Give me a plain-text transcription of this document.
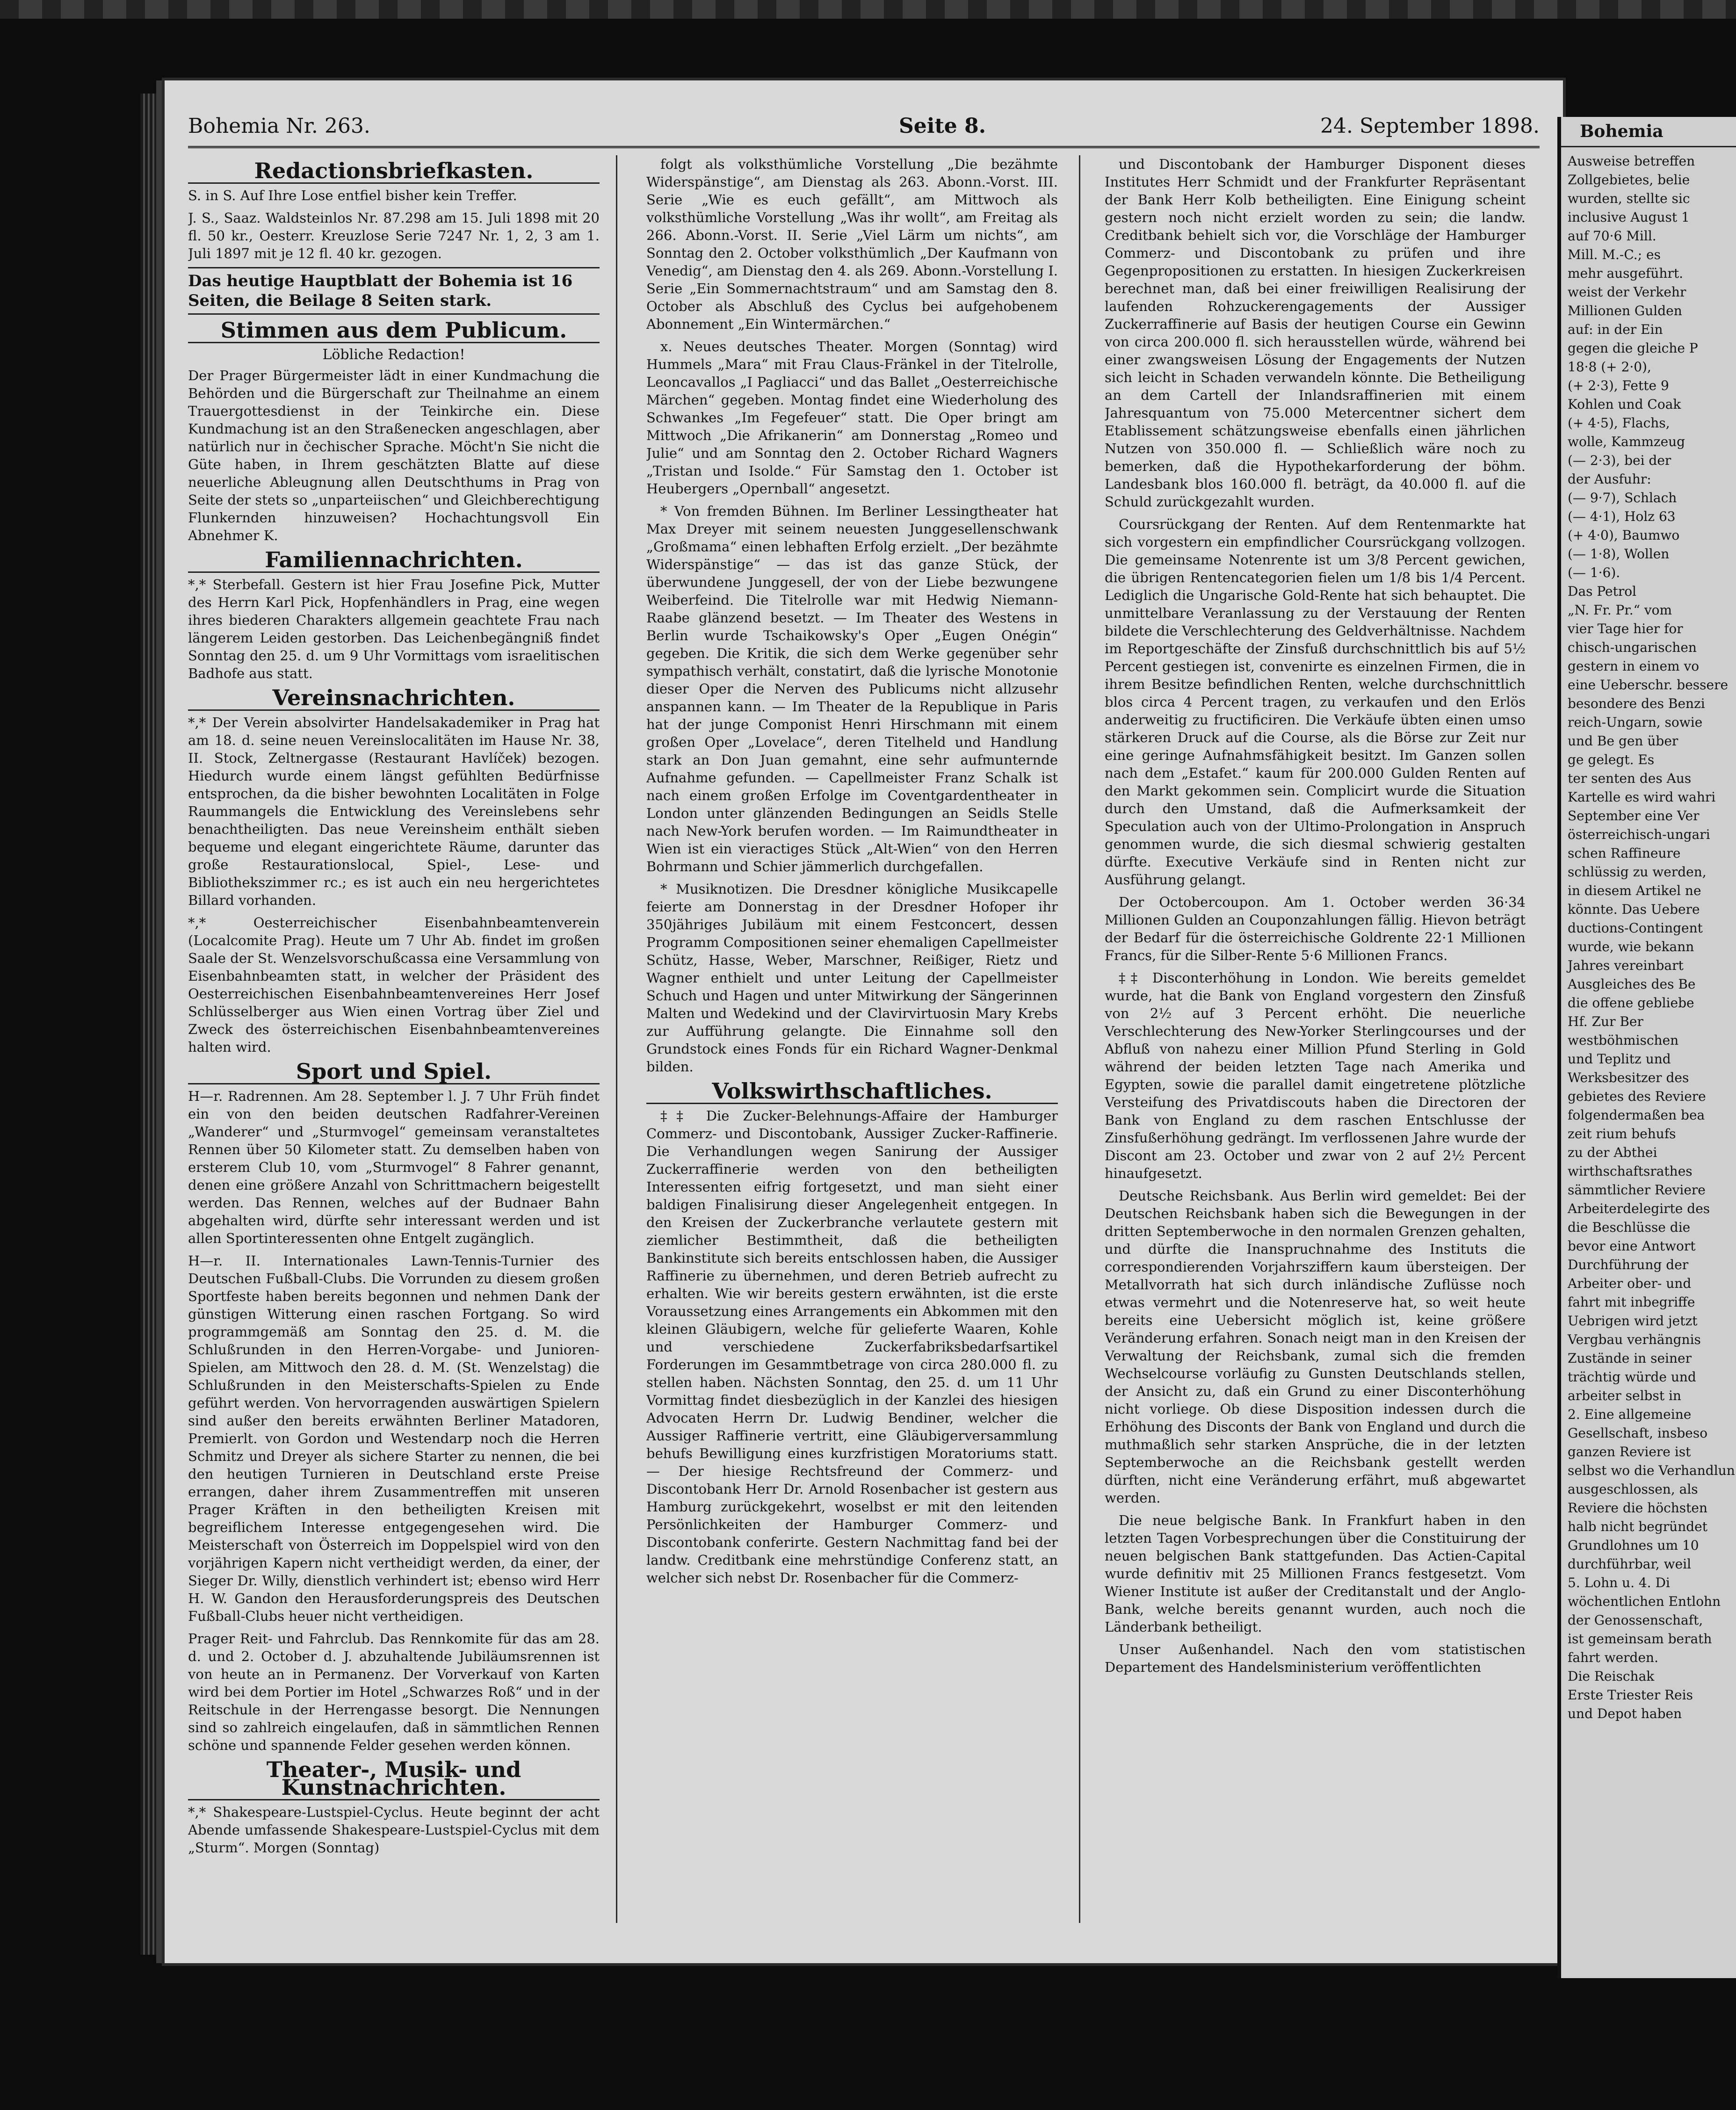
Bohemia Nr. 263.	Seite 8.	24. September 1898.
Redactionsbriefkasten.

S. in S. Auf Ihre Lose entfiel bisher kein Treffer.

J. S., Saaz. Waldsteinlos Nr. 87.298 am 15. Juli 1898 mit 20 fl. 50 kr., Oesterr. Kreuzlose Serie 7247 Nr. 1, 2, 3 am 1. Juli 1897 mit je 12 fl. 40 kr. gezogen.

Das heutige Hauptblatt der Bohemia ist 16 Seiten, die Beilage 8 Seiten stark.
Stimmen aus dem Publicum.
Löbliche Redaction!

Der Prager Bürgermeister lädt in einer Kundmachung die Behörden und die Bürgerschaft zur Theilnahme an einem Trauergottesdienst in der Teinkirche ein. Diese Kundmachung ist an den Straßenecken angeschlagen, aber natürlich nur in čechischer Sprache. Möcht'n Sie nicht die Güte haben, in Ihrem geschätzten Blatte auf diese neuerliche Ableugnung allen Deutschthums in Prag von Seite der stets so „unparteiischen“ und Gleichberechtigung Flunkernden hinzuweisen? Hochachtungsvoll Ein Abnehmer K.

Familiennachrichten.

*,* Sterbefall. Gestern ist hier Frau Josefine Pick, Mutter des Herrn Karl Pick, Hopfenhändlers in Prag, eine wegen ihres biederen Charakters allgemein geachtete Frau nach längerem Leiden gestorben. Das Leichenbegängniß findet Sonntag den 25. d. um 9 Uhr Vormittags vom israelitischen Badhofe aus statt.

Vereinsnachrichten.

*,* Der Verein absolvirter Handelsakademiker in Prag hat am 18. d. seine neuen Vereinslocalitäten im Hause Nr. 38, II. Stock, Zeltnergasse (Restaurant Havlíček) bezogen. Hiedurch wurde einem längst gefühlten Bedürfnisse entsprochen, da die bisher bewohnten Localitäten in Folge Raummangels die Entwicklung des Vereinslebens sehr benachtheiligten. Das neue Vereinsheim enthält sieben bequeme und elegant eingerichtete Räume, darunter das große Restaurationslocal, Spiel-, Lese- und Bibliothekszimmer rc.; es ist auch ein neu hergerichtetes Billard vorhanden.

*,* Oesterreichischer Eisenbahnbeamtenverein (Localcomite Prag). Heute um 7 Uhr Ab. findet im großen Saale der St. Wenzelsvorschußcassa eine Versammlung von Eisenbahnbeamten statt, in welcher der Präsident des Oesterreichischen Eisenbahnbeamtenvereines Herr Josef Schlüsselberger aus Wien einen Vortrag über Ziel und Zweck des österreichischen Eisenbahnbeamtenvereines halten wird.

Sport und Spiel.

H—r. Radrennen. Am 28. September l. J. 7 Uhr Früh findet ein von den beiden deutschen Radfahrer-Vereinen „Wanderer“ und „Sturmvogel“ gemeinsam veranstaltetes Rennen über 50 Kilometer statt. Zu demselben haben von ersterem Club 10, vom „Sturmvogel“ 8 Fahrer genannt, denen eine größere Anzahl von Schrittmachern beigestellt werden. Das Rennen, welches auf der Budnaer Bahn abgehalten wird, dürfte sehr interessant werden und ist allen Sportinteressenten ohne Entgelt zugänglich.

H—r. II. Internationales Lawn-Tennis-Turnier des Deutschen Fußball-Clubs. Die Vorrunden zu diesem großen Sportfeste haben bereits begonnen und nehmen Dank der günstigen Witterung einen raschen Fortgang. So wird programmgemäß am Sonntag den 25. d. M. die Schlußrunden in den Herren-Vorgabe- und Junioren-Spielen, am Mittwoch den 28. d. M. (St. Wenzelstag) die Schlußrunden in den Meisterschafts-Spielen zu Ende geführt werden. Von hervorragenden auswärtigen Spielern sind außer den bereits erwähnten Berliner Matadoren, Premierlt. von Gordon und Westendarp noch die Herren Schmitz und Dreyer als sichere Starter zu nennen, die bei den heutigen Turnieren in Deutschland erste Preise errangen, daher ihrem Zusammentreffen mit unseren Prager Kräften in den betheiligten Kreisen mit begreiflichem Interesse entgegengesehen wird. Die Meisterschaft von Österreich im Doppelspiel wird von den vorjährigen Kapern nicht vertheidigt werden, da einer, der Sieger Dr. Willy, dienstlich verhindert ist; ebenso wird Herr H. W. Gandon den Herausforderungspreis des Deutschen Fußball-Clubs heuer nicht vertheidigen.

Prager Reit- und Fahrclub. Das Rennkomite für das am 28. d. und 2. October d. J. abzuhaltende Jubiläumsrennen ist von heute an in Permanenz. Der Vorverkauf von Karten wird bei dem Portier im Hotel „Schwarzes Roß“ und in der Reitschule in der Herrengasse besorgt. Die Nennungen sind so zahlreich eingelaufen, daß in sämmtlichen Rennen schöne und spannende Felder gesehen werden können.

Theater-, Musik- und Kunstnachrichten.

*,* Shakespeare-Lustspiel-Cyclus. Heute beginnt der acht Abende umfassende Shakespeare-Lustspiel-Cyclus mit dem „Sturm“. Morgen (Sonntag)

folgt als volksthümliche Vorstellung „Die bezähmte Widerspänstige“, am Dienstag als 263. Abonn.-Vorst. III. Serie „Wie es euch gefällt“, am Mittwoch als volksthümliche Vorstellung „Was ihr wollt“, am Freitag als 266. Abonn.-Vorst. II. Serie „Viel Lärm um nichts“, am Sonntag den 2. October volksthümlich „Der Kaufmann von Venedig“, am Dienstag den 4. als 269. Abonn.-Vorstellung I. Serie „Ein Sommernachtstraum“ und am Samstag den 8. October als Abschluß des Cyclus bei aufgehobenem Abonnement „Ein Wintermärchen.“

x. Neues deutsches Theater. Morgen (Sonntag) wird Hummels „Mara“ mit Frau Claus-Fränkel in der Titelrolle, Leoncavallos „I Pagliacci“ und das Ballet „Oesterreichische Märchen“ gegeben. Montag findet eine Wiederholung des Schwankes „Im Fegefeuer“ statt. Die Oper bringt am Mittwoch „Die Afrikanerin“ am Donnerstag „Romeo und Julie“ und am Sonntag den 2. October Richard Wagners „Tristan und Isolde.“ Für Samstag den 1. October ist Heubergers „Opernball“ angesetzt.

* Von fremden Bühnen. Im Berliner Lessingtheater hat Max Dreyer mit seinem neuesten Junggesellenschwank „Großmama“ einen lebhaften Erfolg erzielt. „Der bezähmte Widerspänstige“ — das ist das ganze Stück, der überwundene Junggesell, der von der Liebe bezwungene Weiberfeind. Die Titelrolle war mit Hedwig Niemann-Raabe glänzend besetzt. — Im Theater des Westens in Berlin wurde Tschaikowsky's Oper „Eugen Onégin“ gegeben. Die Kritik, die sich dem Werke gegenüber sehr sympathisch verhält, constatirt, daß die lyrische Monotonie dieser Oper die Nerven des Publicums nicht allzusehr anspannen kann. — Im Theater de la Republique in Paris hat der junge Componist Henri Hirschmann mit einem großen Oper „Lovelace“, deren Titelheld und Handlung stark an Don Juan gemahnt, eine sehr aufmunternde Aufnahme gefunden. — Capellmeister Franz Schalk ist nach einem großen Erfolge im Coventgardentheater in London unter glänzenden Bedingungen an Seidls Stelle nach New-York berufen worden. — Im Raimundtheater in Wien ist ein vieractiges Stück „Alt-Wien“ von den Herren Bohrmann und Schier jämmerlich durchgefallen.

* Musiknotizen. Die Dresdner königliche Musikcapelle feierte am Donnerstag in der Dresdner Hofoper ihr 350jähriges Jubiläum mit einem Festconcert, dessen Programm Compositionen seiner ehemaligen Capellmeister Schütz, Hasse, Weber, Marschner, Reißiger, Rietz und Wagner enthielt und unter Leitung der Capellmeister Schuch und Hagen und unter Mitwirkung der Sängerinnen Malten und Wedekind und der Clavirvirtuosin Mary Krebs zur Aufführung gelangte. Die Einnahme soll den Grundstock eines Fonds für ein Richard Wagner-Denkmal bilden.

Volkswirthschaftliches.

‡‡ Die Zucker-Belehnungs-Affaire der Hamburger Commerz- und Discontobank, Aussiger Zucker-Raffinerie. Die Verhandlungen wegen Sanirung der Aussiger Zuckerraffinerie werden von den betheiligten Interessenten eifrig fortgesetzt, und man sieht einer baldigen Finalisirung dieser Angelegenheit entgegen. In den Kreisen der Zuckerbranche verlautete gestern mit ziemlicher Bestimmtheit, daß die betheiligten Bankinstitute sich bereits entschlossen haben, die Aussiger Raffinerie zu übernehmen, und deren Betrieb aufrecht zu erhalten. Wie wir bereits gestern erwähnten, ist die erste Voraussetzung eines Arrangements ein Abkommen mit den kleinen Gläubigern, welche für gelieferte Waaren, Kohle und verschiedene Zuckerfabriksbedarfsartikel Forderungen im Gesammtbetrage von circa 280.000 fl. zu stellen haben. Nächsten Sonntag, den 25. d. um 11 Uhr Vormittag findet diesbezüglich in der Kanzlei des hiesigen Advocaten Herrn Dr. Ludwig Bendiner, welcher die Aussiger Raffinerie vertritt, eine Gläubigerversammlung behufs Bewilligung eines kurzfristigen Moratoriums statt. — Der hiesige Rechtsfreund der Commerz- und Discontobank Herr Dr. Arnold Rosenbacher ist gestern aus Hamburg zurückgekehrt, woselbst er mit den leitenden Persönlichkeiten der Hamburger Commerz- und Discontobank conferirte. Gestern Nachmittag fand bei der landw. Creditbank eine mehrstündige Conferenz statt, an welcher sich nebst Dr. Rosenbacher für die Commerz-

und Discontobank der Hamburger Disponent dieses Institutes Herr Schmidt und der Frankfurter Repräsentant der Bank Herr Kolb betheiligten. Eine Einigung scheint gestern noch nicht erzielt worden zu sein; die landw. Creditbank behielt sich vor, die Vorschläge der Hamburger Commerz- und Discontobank zu prüfen und ihre Gegenpropositionen zu erstatten. In hiesigen Zuckerkreisen berechnet man, daß bei einer freiwilligen Realisirung der laufenden Rohzuckerengagements der Aussiger Zuckerraffinerie auf Basis der heutigen Course ein Gewinn von circa 200.000 fl. sich herausstellen würde, während bei einer zwangsweisen Lösung der Engagements der Nutzen sich leicht in Schaden verwandeln könnte. Die Betheiligung an dem Cartell der Inlandsraffinerien mit einem Jahresquantum von 75.000 Metercentner sichert dem Etablissement schätzungsweise ebenfalls einen jährlichen Nutzen von 350.000 fl. — Schließlich wäre noch zu bemerken, daß die Hypothekarforderung der böhm. Landesbank blos 160.000 fl. beträgt, da 40.000 fl. auf die Schuld zurückgezahlt wurden.

Coursrückgang der Renten. Auf dem Rentenmarkte hat sich vorgestern ein empfindlicher Coursrückgang vollzogen. Die gemeinsame Notenrente ist um 3/8 Percent gewichen, die übrigen Rentencategorien fielen um 1/8 bis 1/4 Percent. Lediglich die Ungarische Gold-Rente hat sich behauptet. Die unmittelbare Veranlassung zu der Verstauung der Renten bildete die Verschlechterung des Geldverhältnisse. Nachdem im Reportgeschäfte der Zinsfuß durchschnittlich bis auf 5½ Percent gestiegen ist, convenirte es einzelnen Firmen, die in ihrem Besitze befindlichen Renten, welche durchschnittlich blos circa 4 Percent tragen, zu verkaufen und den Erlös anderweitig zu fructificiren. Die Verkäufe übten einen umso stärkeren Druck auf die Course, als die Börse zur Zeit nur eine geringe Aufnahmsfähigkeit besitzt. Im Ganzen sollen nach dem „Estafet.“ kaum für 200.000 Gulden Renten auf den Markt gekommen sein. Complicirt wurde die Situation durch den Umstand, daß die Aufmerksamkeit der Speculation auch von der Ultimo-Prolongation in Anspruch genommen wurde, die sich diesmal schwierig gestalten dürfte. Executive Verkäufe sind in Renten nicht zur Ausführung gelangt.

Der Octobercoupon. Am 1. October werden 36·34 Millionen Gulden an Couponzahlungen fällig. Hievon beträgt der Bedarf für die österreichische Goldrente 22·1 Millionen Francs, für die Silber-Rente 5·6 Millionen Francs.

‡‡ Disconterhöhung in London. Wie bereits gemeldet wurde, hat die Bank von England vorgestern den Zinsfuß von 2½ auf 3 Percent erhöht. Die neuerliche Verschlechterung des New-Yorker Sterlingcourses und der Abfluß von nahezu einer Million Pfund Sterling in Gold während der beiden letzten Tage nach Amerika und Egypten, sowie die parallel damit eingetretene plötzliche Versteifung des Privatdiscouts haben die Directoren der Bank von England zu dem raschen Entschlusse der Zinsfußerhöhung gedrängt. Im verflossenen Jahre wurde der Discont am 23. October und zwar von 2 auf 2½ Percent hinaufgesetzt.

Deutsche Reichsbank. Aus Berlin wird gemeldet: Bei der Deutschen Reichsbank haben sich die Bewegungen in der dritten Septemberwoche in den normalen Grenzen gehalten, und dürfte die Inanspruchnahme des Instituts die correspondierenden Vorjahrsziffern kaum übersteigen. Der Metallvorrath hat sich durch inländische Zuflüsse noch etwas vermehrt und die Notenreserve hat, so weit heute bereits eine Uebersicht möglich ist, keine größere Veränderung erfahren. Sonach neigt man in den Kreisen der Verwaltung der Reichsbank, zumal sich die fremden Wechselcourse vorläufig zu Gunsten Deutschlands stellen, der Ansicht zu, daß ein Grund zu einer Disconterhöhung nicht vorliege. Ob diese Disposition indessen durch die Erhöhung des Disconts der Bank von England und durch die muthmaßlich sehr starken Ansprüche, die in der letzten Septemberwoche an die Reichsbank gestellt werden dürften, nicht eine Veränderung erfährt, muß abgewartet werden.

Die neue belgische Bank. In Frankfurt haben in den letzten Tagen Vorbesprechungen über die Constituirung der neuen belgischen Bank stattgefunden. Das Actien-Capital wurde definitiv mit 25 Millionen Francs festgesetzt. Vom Wiener Institute ist außer der Creditanstalt und der Anglo-Bank, welche bereits genannt wurden, auch noch die Länderbank betheiligt.

Unser Außenhandel. Nach den vom statistischen Departement des Handelsministerium veröffentlichten

Bohemia
Ausweise betreffen
Zollgebietes, belie
wurden, stellte sic
inclusive August 1
auf 70·6 Mill.
Mill. M.-C.; es
mehr ausgeführt.
weist der Verkehr
Millionen Gulden
auf: in der Ein
gegen die gleiche P
18·8 (+ 2·0),
(+ 2·3), Fette 9
Kohlen und Coak
(+ 4·5), Flachs,
wolle, Kammzeug
(— 2·3), bei der
der Ausfuhr:
(— 9·7), Schlach
(— 4·1), Holz 63
(+ 4·0), Baumwo
(— 1·8), Wollen
(— 1·6).
Das Petrol
„N. Fr. Pr.“ vom
vier Tage hier for
chisch-ungarischen
gestern in einem vo
eine Ueberschr. bessere
besondere des Benzi
reich-Ungarn, sowie
und Be gen über
ge gelegt. Es
ter senten des Aus
Kartelle es wird wahri
September eine Ver
österreichisch-ungari
schen Raffineure
schlüssig zu werden,
in diesem Artikel ne
könnte. Das Uebere
ductions-Contingent
wurde, wie bekann
Jahres vereinbart
Ausgleiches des Be
die offene gebliebe
Hf. Zur Ber
westböhmischen
und Teplitz und
Werksbesitzer des
gebietes des Reviere
folgendermaßen bea
zeit rium behufs
zu der Abthei
wirthschaftsrathes
sämmtlicher Reviere
Arbeiterdelegirte des
die Beschlüsse die
bevor eine Antwort
Durchführung der
Arbeiter ober- und
fahrt mit inbegriffe
Uebrigen wird jetzt
Vergbau verhängnis
Zustände in seiner
trächtig würde und
arbeiter selbst in
2. Eine allgemeine
Gesellschaft, insbeso
ganzen Reviere ist
selbst wo die Verhandlun
ausgeschlossen, als
Reviere die höchsten
halb nicht begründet
Grundlohnes um 10
durchführbar, weil
5. Lohn u. 4. Di
wöchentlichen Entlohn
der Genossenschaft,
ist gemeinsam berath
fahrt werden.
Die Reischak
Erste Triester Reis
und Depot haben
